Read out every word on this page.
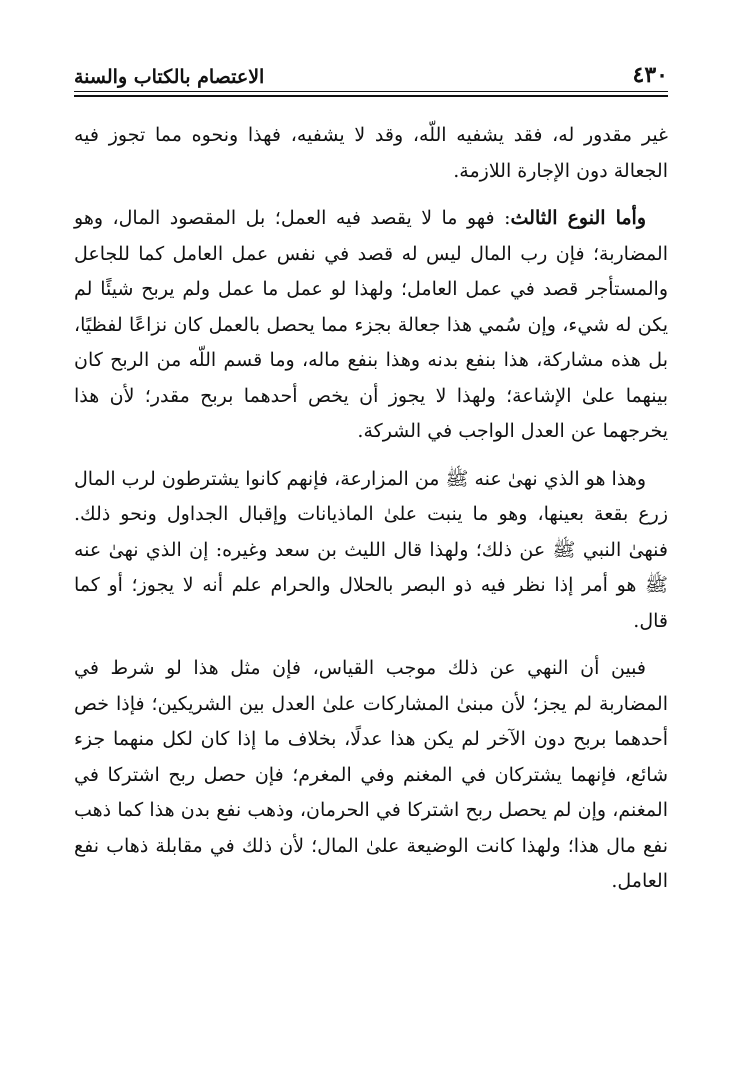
٤٣٠
الاعتصام بالكتاب والسنة

غير مقدور له، فقد يشفيه اللّه، وقد لا يشفيه، فهذا ونحوه مما تجوز فيه الجعالة دون الإجارة اللازمة.

وأما النوع الثالث: فهو ما لا يقصد فيه العمل؛ بل المقصود المال، وهو المضاربة؛ فإن رب المال ليس له قصد في نفس عمل العامل كما للجاعل والمستأجر قصد في عمل العامل؛ ولهذا لو عمل ما عمل ولم يربح شيئًا لم يكن له شيء، وإن سُمي هذا جعالة بجزء مما يحصل بالعمل كان نزاعًا لفظيًا، بل هذه مشاركة، هذا بنفع بدنه وهذا بنفع ماله، وما قسم اللّه من الربح كان بينهما علىٰ الإشاعة؛ ولهذا لا يجوز أن يخص أحدهما بربح مقدر؛ لأن هذا يخرجهما عن العدل الواجب في الشركة.

وهذا هو الذي نهىٰ عنه ﷺ من المزارعة، فإنهم كانوا يشترطون لرب المال زرع بقعة بعينها، وهو ما ينبت علىٰ الماذيانات وإقبال الجداول ونحو ذلك. فنهىٰ النبي ﷺ عن ذلك؛ ولهذا قال الليث بن سعد وغيره: إن الذي نهىٰ عنه ﷺ هو أمر إذا نظر فيه ذو البصر بالحلال والحرام علم أنه لا يجوز؛ أو كما قال.

فبين أن النهي عن ذلك موجب القياس، فإن مثل هذا لو شرط في المضاربة لم يجز؛ لأن مبنىٰ المشاركات علىٰ العدل بين الشريكين؛ فإذا خص أحدهما بربح دون الآخر لم يكن هذا عدلًا، بخلاف ما إذا كان لكل منهما جزء شائع، فإنهما يشتركان في المغنم وفي المغرم؛ فإن حصل ربح اشتركا في المغنم، وإن لم يحصل ربح اشتركا في الحرمان، وذهب نفع بدن هذا كما ذهب نفع مال هذا؛ ولهذا كانت الوضيعة علىٰ المال؛ لأن ذلك في مقابلة ذهاب نفع العامل.
